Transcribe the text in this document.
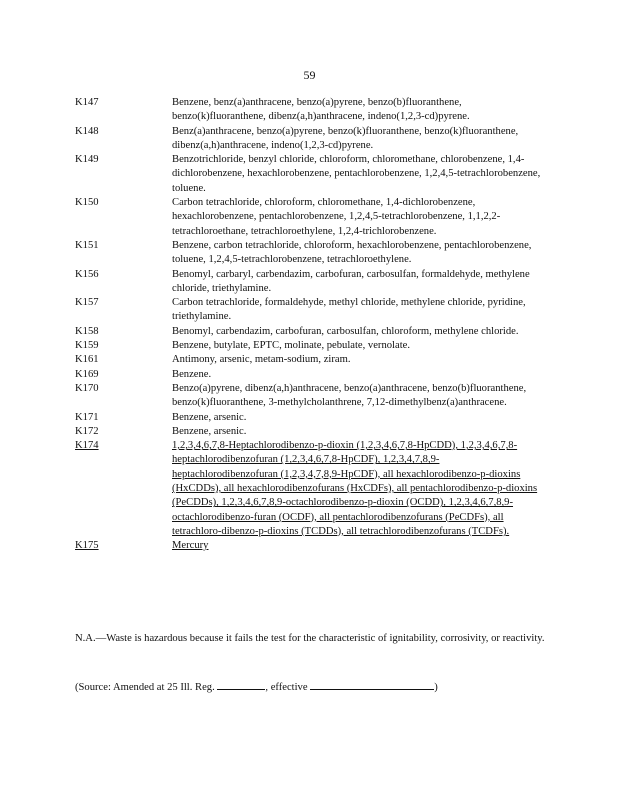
59
K147	Benzene, benz(a)anthracene, benzo(a)pyrene, benzo(b)fluoranthene, benzo(k)fluoranthene, dibenz(a,h)anthracene, indeno(1,2,3-cd)pyrene.
K148	Benz(a)anthracene, benzo(a)pyrene, benzo(k)fluoranthene, benzo(k)fluoranthene, dibenz(a,h)anthracene, indeno(1,2,3-cd)pyrene.
K149	Benzotrichloride, benzyl chloride, chloroform, chloromethane, chlorobenzene, 1,4-dichlorobenzene, hexachlorobenzene, pentachlorobenzene, 1,2,4,5-tetrachlorobenzene, toluene.
K150	Carbon tetrachloride, chloroform, chloromethane, 1,4-dichlorobenzene, hexachlorobenzene, pentachlorobenzene, 1,2,4,5-tetrachlorobenzene, 1,1,2,2-tetrachloroethane, tetrachloroethylene, 1,2,4-trichlorobenzene.
K151	Benzene, carbon tetrachloride, chloroform, hexachlorobenzene, pentachlorobenzene, toluene, 1,2,4,5-tetrachlorobenzene, tetrachloroethylene.
K156	Benomyl, carbaryl, carbendazim, carbofuran, carbosulfan, formaldehyde, methylene chloride, triethylamine.
K157	Carbon tetrachloride, formaldehyde, methyl chloride, methylene chloride, pyridine, triethylamine.
K158	Benomyl, carbendazim, carbofuran, carbosulfan, chloroform, methylene chloride.
K159	Benzene, butylate, EPTC, molinate, pebulate, vernolate.
K161	Antimony, arsenic, metam-sodium, ziram.
K169	Benzene.
K170	Benzo(a)pyrene, dibenz(a,h)anthracene, benzo(a)anthracene, benzo(b)fluoranthene, benzo(k)fluoranthene, 3-methylcholanthrene, 7,12-dimethylbenz(a)anthracene.
K171	Benzene, arsenic.
K172	Benzene, arsenic.
K174	1,2,3,4,6,7,8-Heptachlorodibenzo-p-dioxin (1,2,3,4,6,7,8-HpCDD), 1,2,3,4,6,7,8-heptachlorodibenzofuran (1,2,3,4,6,7,8-HpCDF), 1,2,3,4,7,8,9-heptachlorodibenzofuran (1,2,3,4,7,8,9-HpCDF), all hexachlorodibenzo-p-dioxins (HxCDDs), all hexachlorodibenzofurans (HxCDFs), all pentachlorodibenzo-p-dioxins (PeCDDs), 1,2,3,4,6,7,8,9-octachlorodibenzo-p-dioxin (OCDD), 1,2,3,4,6,7,8,9-octachlorodibenzo-furan (OCDF), all pentachlorodibenzofurans (PeCDFs), all tetrachloro-dibenzo-p-dioxins (TCDDs), all tetrachlorodibenzofurans (TCDFs).
K175	Mercury
N.A.—Waste is hazardous because it fails the test for the characteristic of ignitability, corrosivity, or reactivity.
(Source: Amended at 25 Ill. Reg.	, effective	)
